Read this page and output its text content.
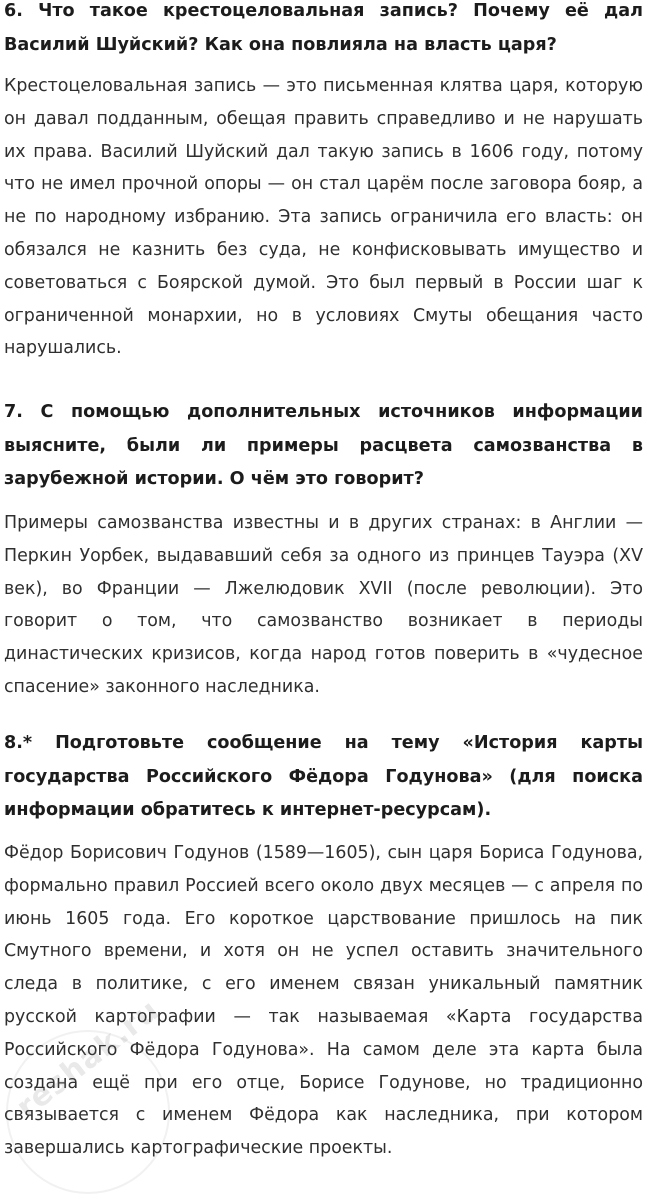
6. Что такое крестоцеловальная запись? Почему её дал Василий Шуйский? Как она повлияла на власть царя?

Крестоцеловальная запись — это письменная клятва царя, которую он давал подданным, обещая править справедливо и не нарушать их права. Василий Шуйский дал такую запись в 1606 году, потому что не имел прочной опоры — он стал царём после заговора бояр, а не по народному избранию. Эта запись ограничила его власть: он обязался не казнить без суда, не конфисковывать имущество и советоваться с Боярской думой. Это был первый в России шаг к ограниченной монархии, но в условиях Смуты обещания часто нарушались.

7. С помощью дополнительных источников информации выясните, были ли примеры расцвета самозванства в зарубежной истории. О чём это говорит?

Примеры самозванства известны и в других странах: в Англии — Перкин Уорбек, выдававший себя за одного из принцев Тауэра (XV век), во Франции — Лжелюдовик XVII (после революции). Это говорит о том, что самозванство возникает в периоды династических кризисов, когда народ готов поверить в «чудесное спасение» законного наследника.

8.* Подготовьте сообщение на тему «История карты государства Российского Фёдора Годунова» (для поиска информации обратитесь к интернет-ресурсам).

Фёдор Борисович Годунов (1589—1605), сын царя Бориса Годунова, формально правил Россией всего около двух месяцев — с апреля по июнь 1605 года. Его короткое царствование пришлось на пик Смутного времени, и хотя он не успел оставить значительного следа в политике, с его именем связан уникальный памятник русской картографии — так называемая «Карта государства Российского Фёдора Годунова». На самом деле эта карта была создана ещё при его отце, Борисе Годунове, но традиционно связывается с именем Фёдора как наследника, при котором завершались картографические проекты.

reshak.ru
